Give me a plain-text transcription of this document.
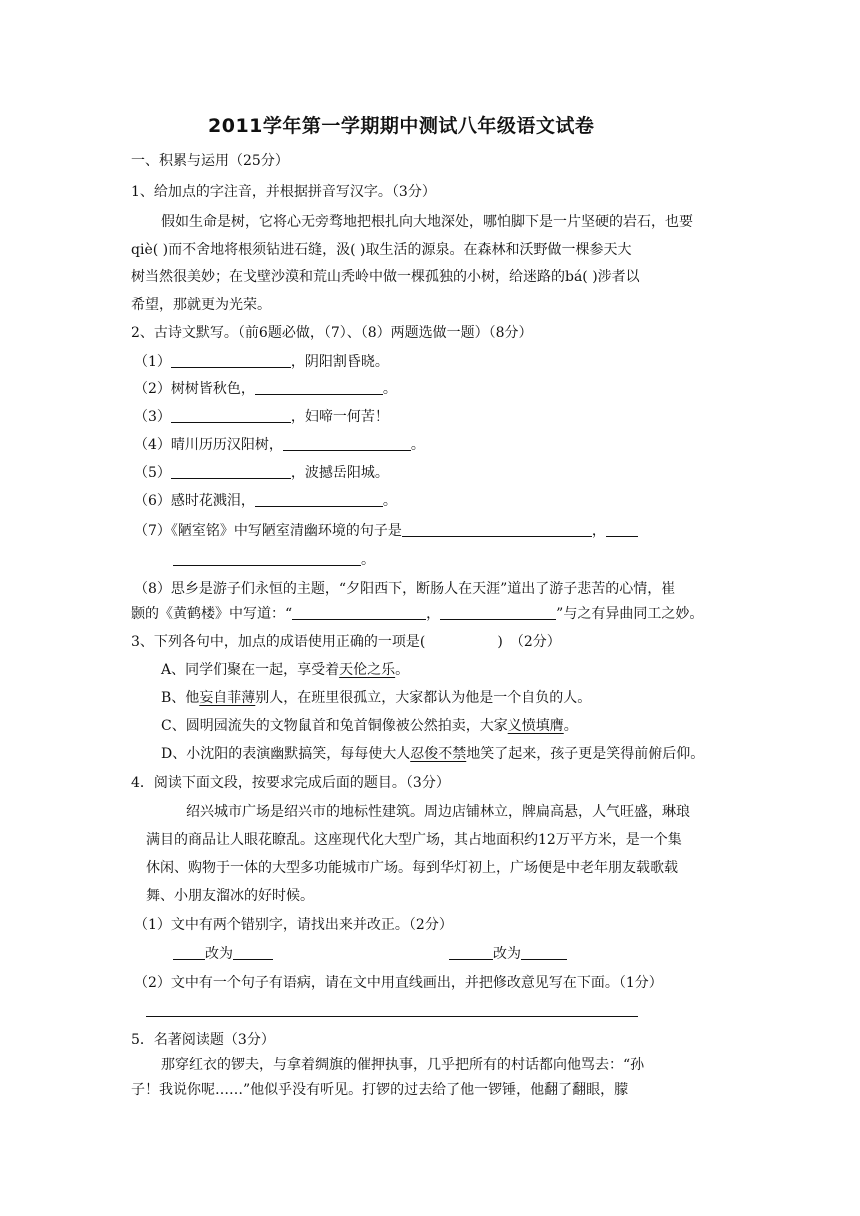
2011学年第一学期期中测试八年级语文试卷
一、积累与运用（25分）
1、给加点的字注音，并根据拼音写汉字。（3分）
假如生命是树，它将心无旁骛地把根扎向大地深处，哪怕脚下是一片坚硬的岩石，也要
qiè( )而不舍地将根须钻进石缝，汲( )取生活的源泉。在森林和沃野做一棵参天大
树当然很美妙；在戈壁沙漠和荒山秃岭中做一棵孤独的小树，给迷路的bá( )涉者以
希望，那就更为光荣。
2、古诗文默写。（前6题必做，（7）、（8）两题选做一题）（8分）
（1）	，阴阳割昏晓。
（2）树树皆秋色，	。
（3）	，妇啼一何苦！
（4）晴川历历汉阳树，	。
（5）	，波撼岳阳城。
（6）感时花溅泪，	。
（7）《陋室铭》中写陋室清幽环境的句子是	，
。
（8）思乡是游子们永恒的主题，“夕阳西下，断肠人在天涯”道出了游子悲苦的心情，崔
颢的《黄鹤楼》中写道：“	，	”与之有异曲同工之妙。
3、下列各句中，加点的成语使用正确的一项是(	)　（2分）
A、同学们聚在一起，享受着天伦之乐。
B、他妄自菲薄别人，在班里很孤立，大家都认为他是一个自负的人。
C、圆明园流失的文物鼠首和兔首铜像被公然拍卖，大家义愤填膺。
D、小沈阳的表演幽默搞笑，每每使大人忍俊不禁地笑了起来，孩子更是笑得前俯后仰。
4．阅读下面文段，按要求完成后面的题目。（3分）
绍兴城市广场是绍兴市的地标性建筑。周边店铺林立，牌扁高悬，人气旺盛，琳琅
满目的商品让人眼花瞭乱。这座现代化大型广场，其占地面积约12万平方米，是一个集
休闲、购物于一体的大型多功能城市广场。每到华灯初上，广场便是中老年朋友载歌载
舞、小朋友溜冰的好时候。
（1）文中有两个错别字，请找出来并改正。（2分）
改为	改为
（2）文中有一个句子有语病，请在文中用直线画出，并把修改意见写在下面。（1分）
5．名著阅读题（3分）
那穿红衣的锣夫，与拿着绸旗的催押执事，几乎把所有的村话都向他骂去：“孙
子！我说你呢……”他似乎没有听见。打锣的过去给了他一锣锤，他翻了翻眼，朦
